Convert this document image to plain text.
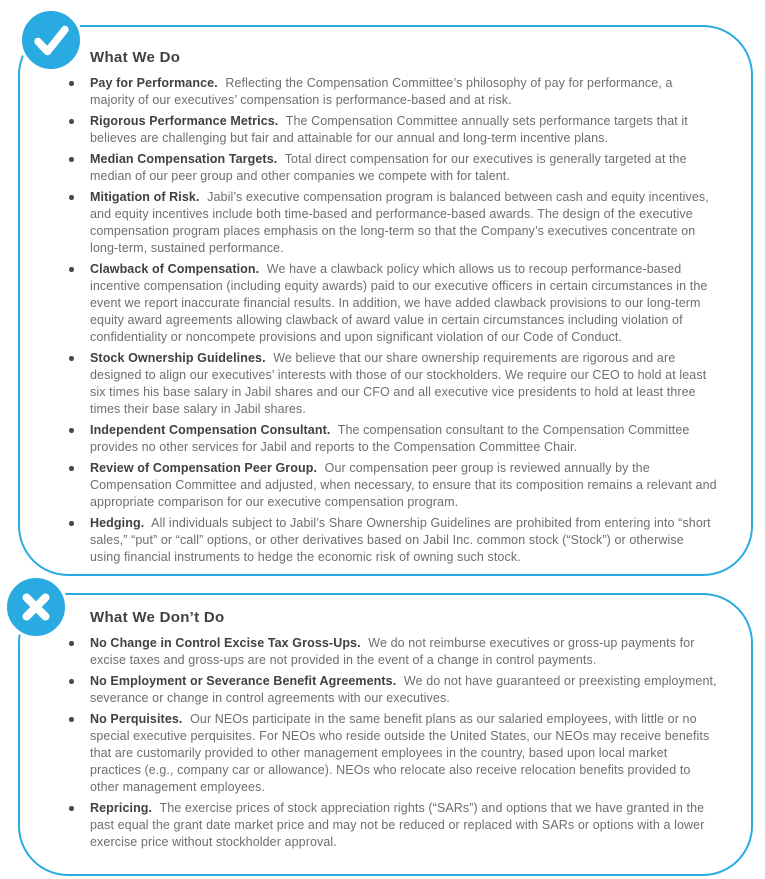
What We Do
Pay for Performance. Reflecting the Compensation Committee’s philosophy of pay for performance, a majority of our executives’ compensation is performance-based and at risk.
Rigorous Performance Metrics. The Compensation Committee annually sets performance targets that it believes are challenging but fair and attainable for our annual and long-term incentive plans.
Median Compensation Targets. Total direct compensation for our executives is generally targeted at the median of our peer group and other companies we compete with for talent.
Mitigation of Risk. Jabil’s executive compensation program is balanced between cash and equity incentives, and equity incentives include both time-based and performance-based awards. The design of the executive compensation program places emphasis on the long-term so that the Company’s executives concentrate on long-term, sustained performance.
Clawback of Compensation. We have a clawback policy which allows us to recoup performance-based incentive compensation (including equity awards) paid to our executive officers in certain circumstances in the event we report inaccurate financial results. In addition, we have added clawback provisions to our long-term equity award agreements allowing clawback of award value in certain circumstances including violation of confidentiality or noncompete provisions and upon significant violation of our Code of Conduct.
Stock Ownership Guidelines. We believe that our share ownership requirements are rigorous and are designed to align our executives’ interests with those of our stockholders. We require our CEO to hold at least six times his base salary in Jabil shares and our CFO and all executive vice presidents to hold at least three times their base salary in Jabil shares.
Independent Compensation Consultant. The compensation consultant to the Compensation Committee provides no other services for Jabil and reports to the Compensation Committee Chair.
Review of Compensation Peer Group. Our compensation peer group is reviewed annually by the Compensation Committee and adjusted, when necessary, to ensure that its composition remains a relevant and appropriate comparison for our executive compensation program.
Hedging. All individuals subject to Jabil’s Share Ownership Guidelines are prohibited from entering into “short sales,” “put” or “call” options, or other derivatives based on Jabil Inc. common stock (“Stock”) or otherwise using financial instruments to hedge the economic risk of owning such stock.
What We Don’t Do
No Change in Control Excise Tax Gross-Ups. We do not reimburse executives or gross-up payments for excise taxes and gross-ups are not provided in the event of a change in control payments.
No Employment or Severance Benefit Agreements. We do not have guaranteed or preexisting employment, severance or change in control agreements with our executives.
No Perquisites. Our NEOs participate in the same benefit plans as our salaried employees, with little or no special executive perquisites. For NEOs who reside outside the United States, our NEOs may receive benefits that are customarily provided to other management employees in the country, based upon local market practices (e.g., company car or allowance). NEOs who relocate also receive relocation benefits provided to other management employees.
Repricing. The exercise prices of stock appreciation rights (“SARs”) and options that we have granted in the past equal the grant date market price and may not be reduced or replaced with SARs or options with a lower exercise price without stockholder approval.
